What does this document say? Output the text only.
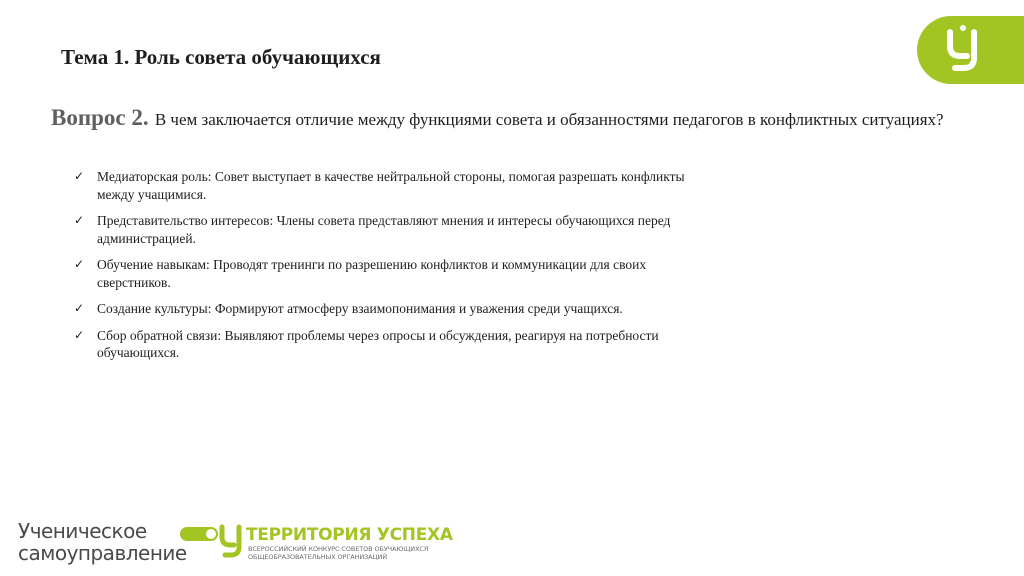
Тема 1. Роль совета обучающихся
Вопрос 2. В чем заключается отличие между функциями совета и обязанностями педагогов в конфликтных ситуациях?
✓ Медиаторская роль: Совет выступает в качестве нейтральной стороны, помогая разрешать конфликты между учащимися.
✓ Представительство интересов: Члены совета представляют мнения и интересы обучающихся перед администрацией.
✓ Обучение навыкам: Проводят тренинги по разрешению конфликтов и коммуникации для своих сверстников.
✓ Создание культуры: Формируют атмосферу взаимопонимания и уважения среди учащихся.
✓ Сбор обратной связи: Выявляют проблемы через опросы и обсуждения, реагируя на потребности обучающихся.
Ученическое
самоуправление
ТЕРРИТОРИЯ УСПЕХА
ВСЕРОССИЙСКИЙ КОНКУРС СОВЕТОВ ОБУЧАЮЩИХСЯ
ОБЩЕОБРАЗОВАТЕЛЬНЫХ ОРГАНИЗАЦИЙ
